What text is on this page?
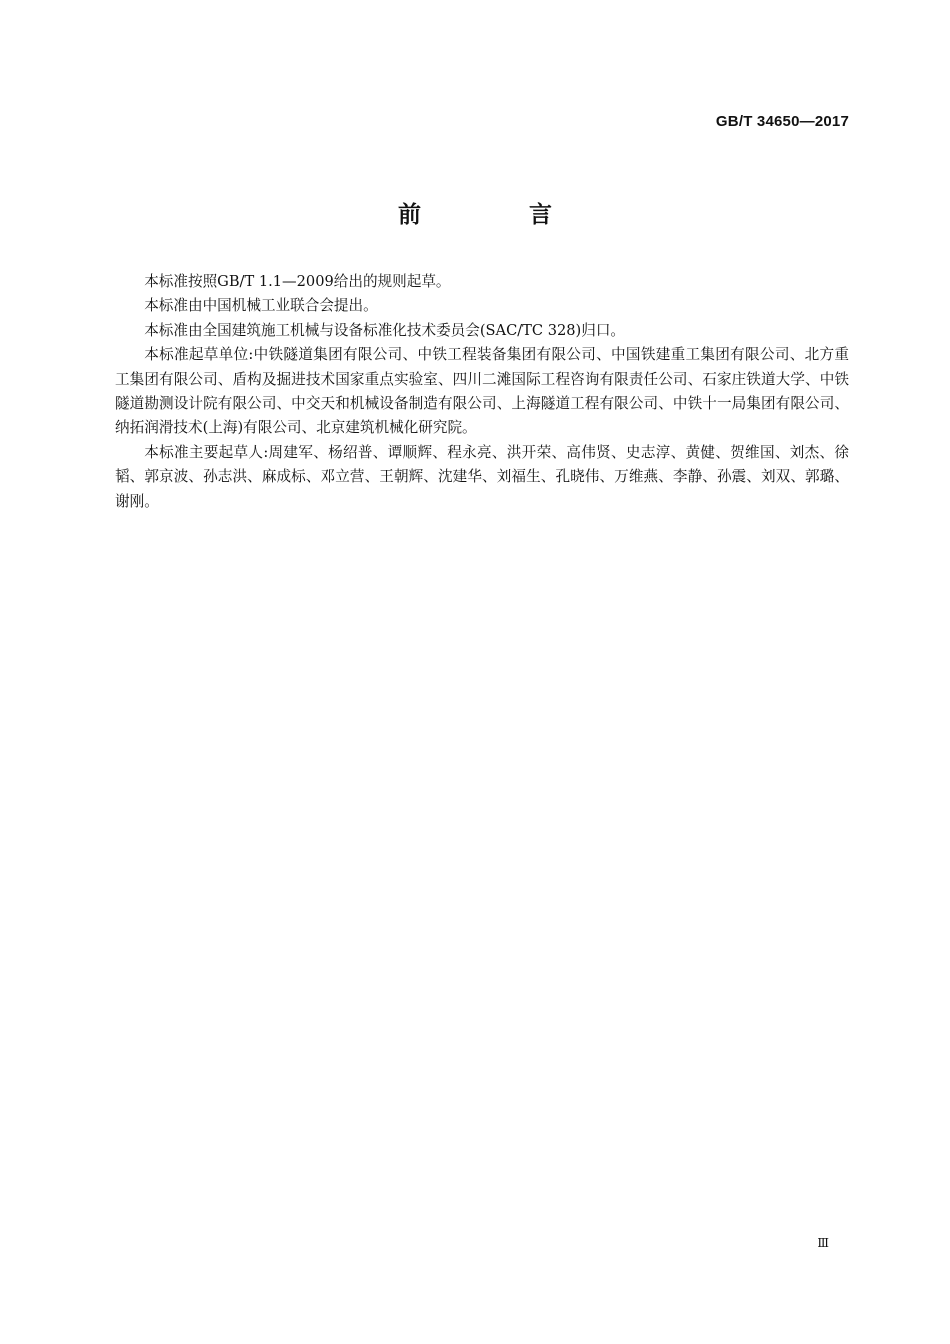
GB/T 34650—2017
前 言

本标准按照GB/T 1.1—2009给出的规则起草。

本标准由中国机械工业联合会提出。

本标准由全国建筑施工机械与设备标准化技术委员会(SAC/TC 328)归口。

本标准起草单位:中铁隧道集团有限公司、中铁工程装备集团有限公司、中国铁建重工集团有限公司、北方重工集团有限公司、盾构及掘进技术国家重点实验室、四川二滩国际工程咨询有限责任公司、石家庄铁道大学、中铁隧道勘测设计院有限公司、中交天和机械设备制造有限公司、上海隧道工程有限公司、中铁十一局集团有限公司、纳拓润滑技术(上海)有限公司、北京建筑机械化研究院。

本标准主要起草人:周建军、杨绍普、谭顺辉、程永亮、洪开荣、高伟贤、史志淳、黄健、贺维国、刘杰、徐韬、郭京波、孙志洪、麻成标、邓立营、王朝辉、沈建华、刘福生、孔晓伟、万维燕、李静、孙震、刘双、郭璐、谢刚。

Ⅲ
